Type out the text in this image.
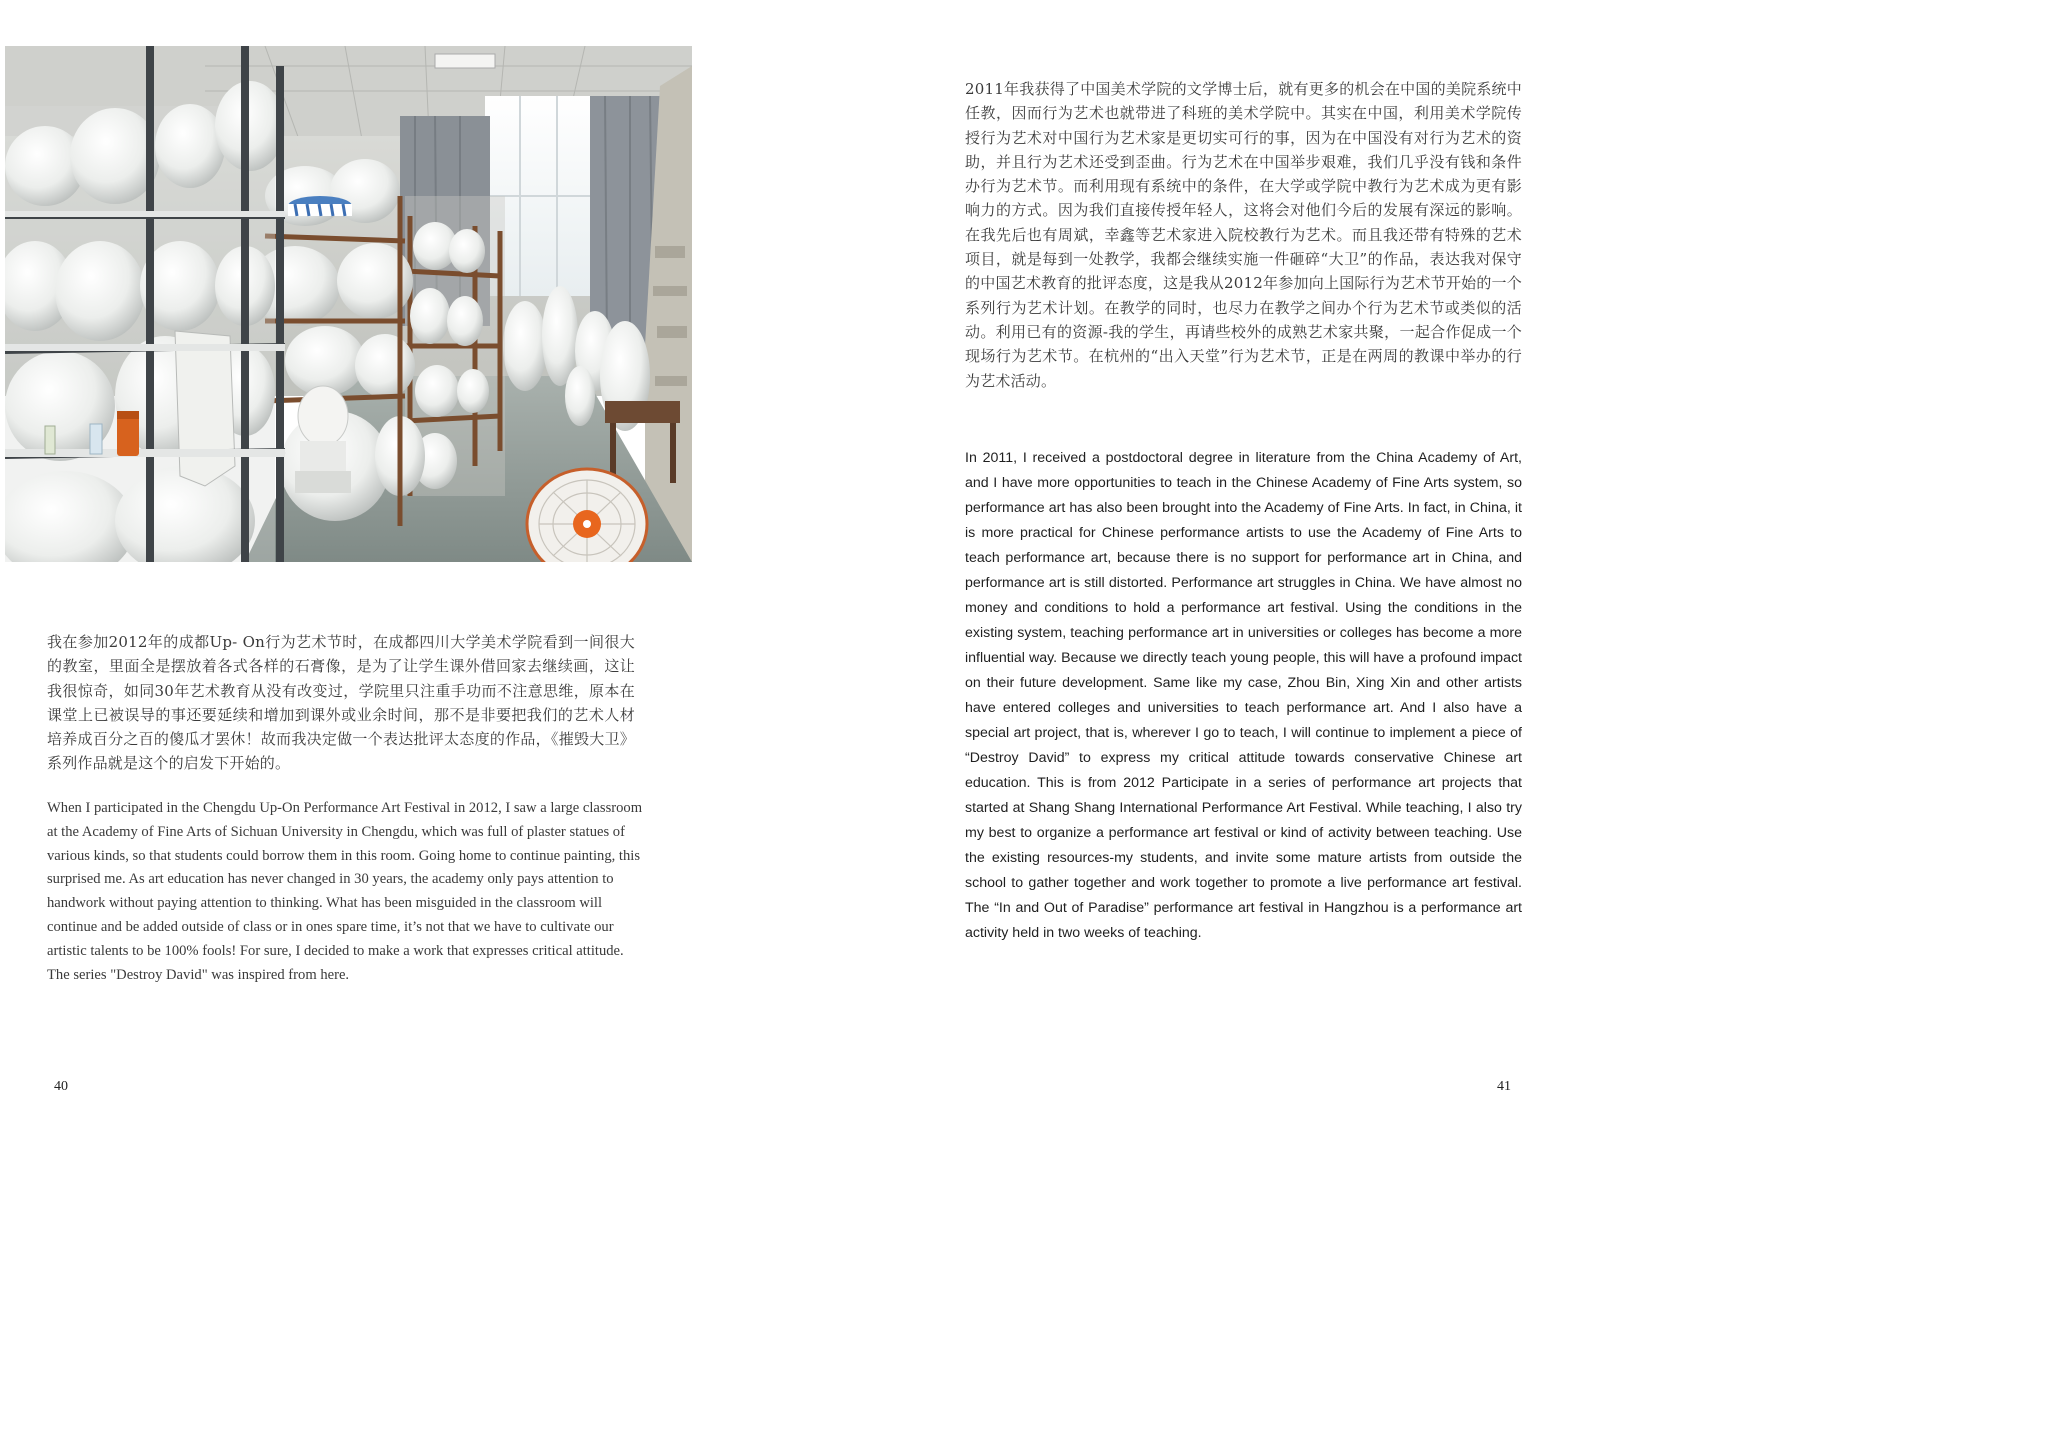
我在参加2012年的成都Up- On行为艺术节时，在成都四川大学美术学院看到一间很大的教室，里面全是摆放着各式各样的石膏像，是为了让学生课外借回家去继续画，这让我很惊奇，如同30年艺术教育从没有改变过，学院里只注重手功而不注意思维，原本在课堂上已被误导的事还要延续和增加到课外或业余时间，那不是非要把我们的艺术人材培养成百分之百的傻瓜才罢休！故而我决定做一个表达批评太态度的作品，《摧毁大卫》系列作品就是这个的启发下开始的。
When I participated in the Chengdu Up-On Performance Art Festival in 2012, I saw a large classroom at the Academy of Fine Arts of Sichuan University in Chengdu, which was full of plaster statues of various kinds, so that students could borrow them in this room. Going home to continue painting, this surprised me. As art education has never changed in 30 years, the academy only pays attention to handwork without paying attention to thinking. What has been misguided in the classroom will continue and be added outside of class or in ones spare time, it’s not that we have to cultivate our artistic talents to be 100% fools! For sure, I decided to make a work that expresses critical attitude. The series "Destroy David" was inspired from here.
40
2011年我获得了中国美术学院的文学博士后，就有更多的机会在中国的美院系统中任教，因而行为艺术也就带进了科班的美术学院中。其实在中国，利用美术学院传授行为艺术对中国行为艺术家是更切实可行的事，因为在中国没有对行为艺术的资助，并且行为艺术还受到歪曲。行为艺术在中国举步艰难，我们几乎没有钱和条件办行为艺术节。而利用现有系统中的条件，在大学或学院中教行为艺术成为更有影响力的方式。因为我们直接传授年轻人，这将会对他们今后的发展有深远的影响。在我先后也有周斌，幸鑫等艺术家进入院校教行为艺术。而且我还带有特殊的艺术项目，就是每到一处教学，我都会继续实施一件砸碎“大卫”的作品，表达我对保守的中国艺术教育的批评态度，这是我从2012年参加向上国际行为艺术节开始的一个系列行为艺术计划。在教学的同时，也尽力在教学之间办个行为艺术节或类似的活动。利用已有的资源-我的学生，再请些校外的成熟艺术家共聚，一起合作促成一个现场行为艺术节。在杭州的“出入天堂”行为艺术节，正是在两周的教课中举办的行为艺术活动。
In 2011, I received a postdoctoral degree in literature from the China Academy of Art, and I have more opportunities to teach in the Chinese Academy of Fine Arts system, so performance art has also been brought into the Academy of Fine Arts. In fact, in China, it is more practical for Chinese performance artists to use the Academy of Fine Arts to teach performance art, because there is no support for performance art in China, and performance art is still distorted. Performance art struggles in China. We have almost no money and conditions to hold a performance art festival. Using the conditions in the existing system, teaching performance art in universities or colleges has become a more influential way. Because we directly teach young people, this will have a profound impact on their future development. Same like my case, Zhou Bin, Xing Xin and other artists have entered colleges and universities to teach performance art. And I also have a special art project, that is, wherever I go to teach, I will continue to implement a piece of “Destroy David” to express my critical attitude towards conservative Chinese art education. This is from 2012 Participate in a series of performance art projects that started at Shang Shang International Performance Art Festival. While teaching, I also try my best to organize a performance art festival or kind of activity between teaching. Use the existing resources-my students, and invite some mature artists from outside the school to gather together and work together to promote a live performance art festival. The “In and Out of Paradise” performance art festival in Hangzhou is a performance art activity held in two weeks of teaching.
41
